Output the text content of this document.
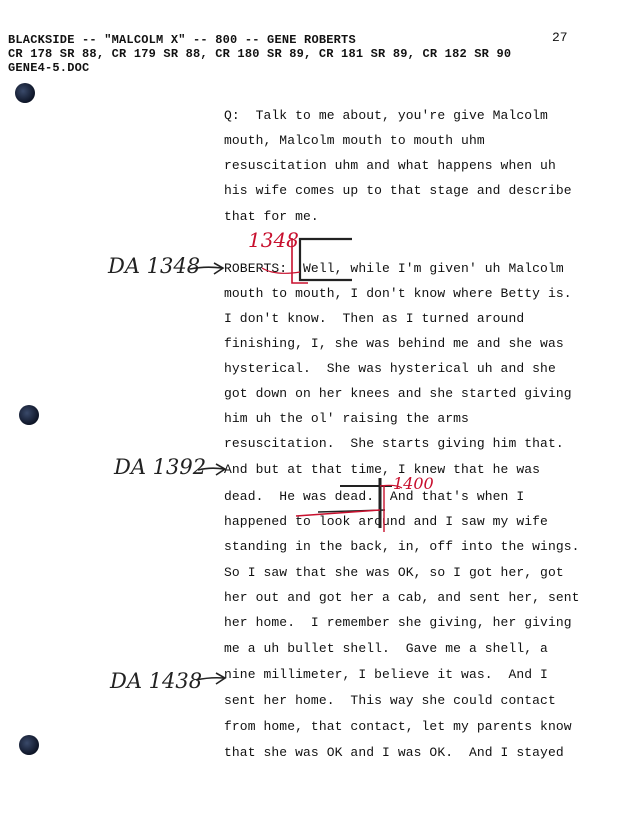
BLACKSIDE -- "MALCOLM X" -- 800 -- GENE ROBERTS
CR 178 SR 88, CR 179 SR 88, CR 180 SR 89, CR 181 SR 89, CR 182 SR 90
GENE4-5.DOC
27
Q:  Talk to me about, you're give Malcolm
mouth, Malcolm mouth to mouth uhm
resuscitation uhm and what happens when uh
his wife comes up to that stage and describe
that for me.
ROBERTS:  Well, while I'm given' uh Malcolm
mouth to mouth, I don't know where Betty is.
I don't know.  Then as I turned around
finishing, I, she was behind me and she was
hysterical.  She was hysterical uh and she
got down on her knees and she started giving
him uh the ol' raising the arms
resuscitation.  She starts giving him that.
And but at that time, I knew that he was
dead.  He was dead.  And that's when I
happened to look around and I saw my wife
standing in the back, in, off into the wings.
So I saw that she was OK, so I got her, got
her out and got her a cab, and sent her, sent
her home.  I remember she giving, her giving
me a uh bullet shell.  Gave me a shell, a
nine millimeter, I believe it was.  And I
sent her home.  This way she could contact
from home, that contact, let my parents know
that she was OK and I was OK.  And I stayed
DA 1348
DA 1392
DA 1438
1348
1400
